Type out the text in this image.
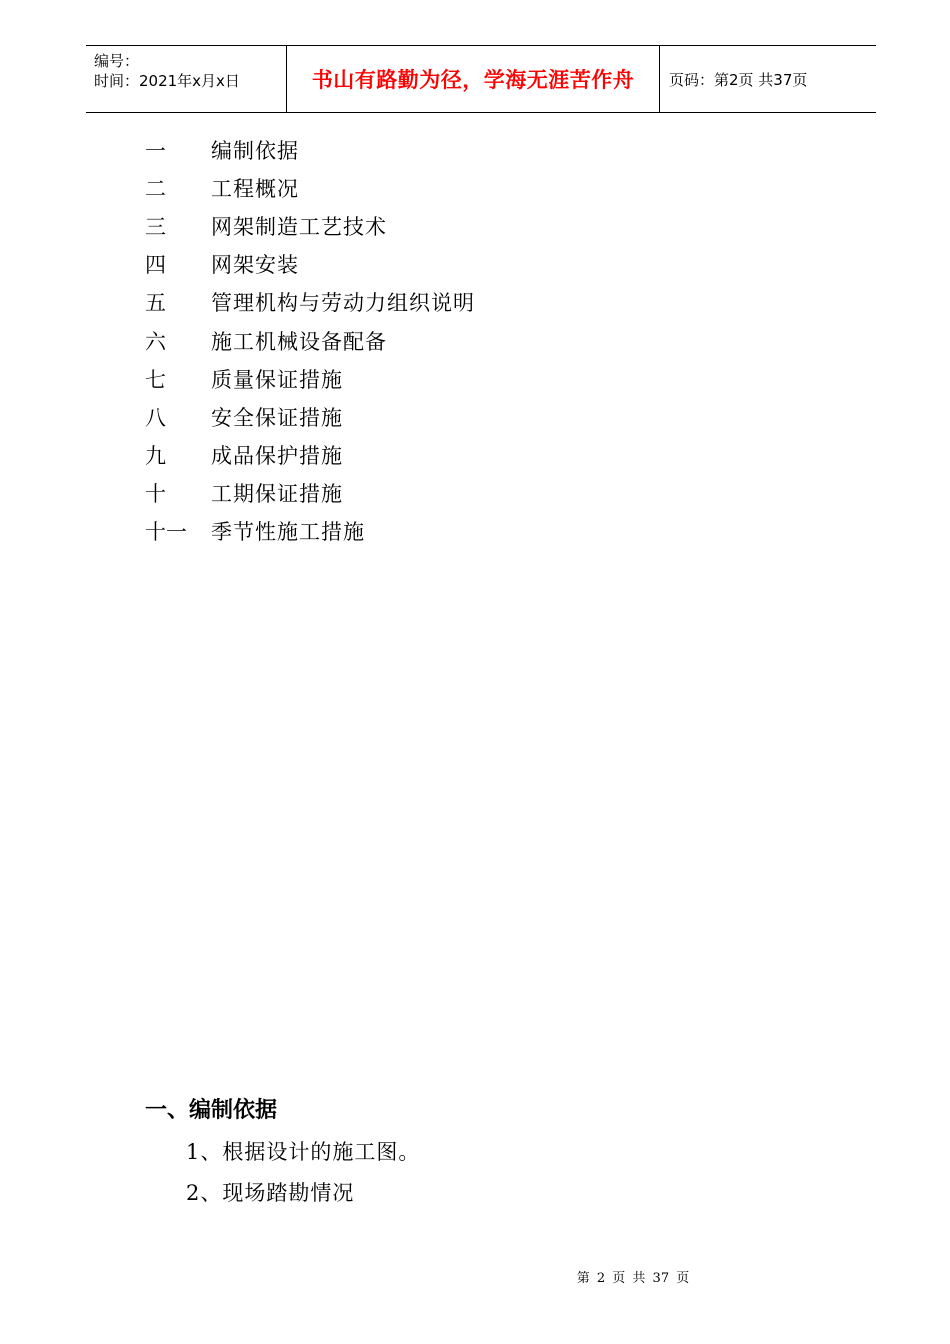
编号：
时间：2021年x月x日	书山有路勤为径，学海无涯苦作舟	页码：第2页 共37页
一	编制依据
二	工程概况
三	网架制造工艺技术
四	网架安装
五	管理机构与劳动力组织说明
六	施工机械设备配备
七	质量保证措施
八	安全保证措施
九	成品保护措施
十	工期保证措施
十一	季节性施工措施
一、编制依据

1、根据设计的施工图。

2、现场踏勘情况

第 2 页 共 37 页
